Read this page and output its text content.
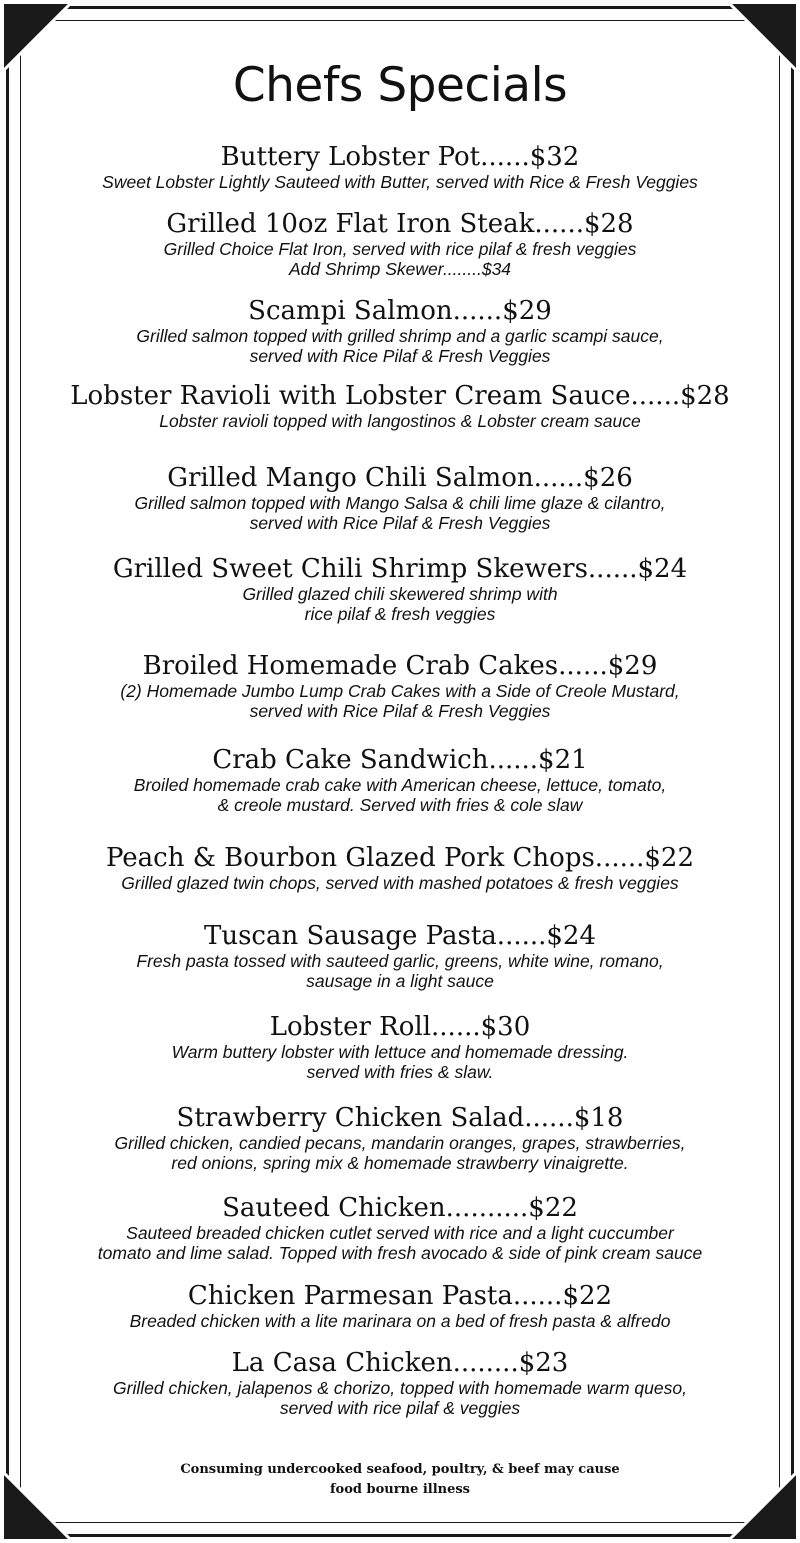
Chefs Specials
Buttery Lobster Pot......$32
Sweet Lobster Lightly Sauteed with Butter, served with Rice & Fresh Veggies
Grilled 10oz Flat Iron Steak......$28
Grilled Choice Flat Iron, served with rice pilaf & fresh veggies
Add Shrimp Skewer........$34
Scampi Salmon......$29
Grilled salmon topped with grilled shrimp and a garlic scampi sauce,
served with Rice Pilaf & Fresh Veggies
Lobster Ravioli with Lobster Cream Sauce......$28
Lobster ravioli topped with langostinos & Lobster cream sauce
Grilled Mango Chili Salmon......$26
Grilled salmon topped with Mango Salsa & chili lime glaze & cilantro,
served with Rice Pilaf & Fresh Veggies
Grilled Sweet Chili Shrimp Skewers......$24
Grilled glazed chili skewered shrimp with
rice pilaf & fresh veggies
Broiled Homemade Crab Cakes......$29
(2) Homemade Jumbo Lump Crab Cakes with a Side of Creole Mustard,
served with Rice Pilaf & Fresh Veggies
Crab Cake Sandwich......$21
Broiled homemade crab cake with American cheese, lettuce, tomato,
& creole mustard. Served with fries & cole slaw
Peach & Bourbon Glazed Pork Chops......$22
Grilled glazed twin chops, served with mashed potatoes & fresh veggies
Tuscan Sausage Pasta......$24
Fresh pasta tossed with sauteed garlic, greens, white wine, romano,
sausage in a light sauce
Lobster Roll......$30
Warm buttery lobster with lettuce and homemade dressing.
served with fries & slaw.
Strawberry Chicken Salad......$18
Grilled chicken, candied pecans, mandarin oranges, grapes, strawberries,
red onions, spring mix & homemade strawberry vinaigrette.
Sauteed Chicken..........$22
Sauteed breaded chicken cutlet served with rice and a light cuccumber
tomato and lime salad. Topped with fresh avocado & side of pink cream sauce
Chicken Parmesan Pasta......$22
Breaded chicken with a lite marinara on a bed of fresh pasta & alfredo
La Casa Chicken........$23
Grilled chicken, jalapenos & chorizo, topped with homemade warm queso,
served with rice pilaf & veggies
Consuming undercooked seafood, poultry, & beef may cause
food bourne illness
